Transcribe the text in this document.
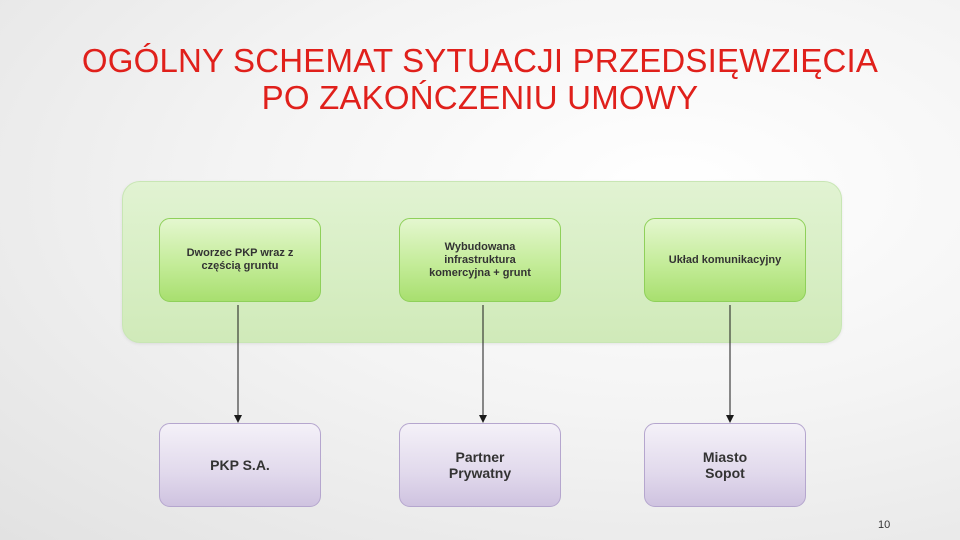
OGÓLNY SCHEMAT SYTUACJI PRZEDSIĘWZIĘCIA
PO ZAKOŃCZENIU UMOWY
Dworzec PKP wraz z
częścią gruntu
Wybudowana
infrastruktura
komercyjna + grunt
Układ komunikacyjny
PKP S.A.	Partner
Prywatny
Miasto
Sopot
10
